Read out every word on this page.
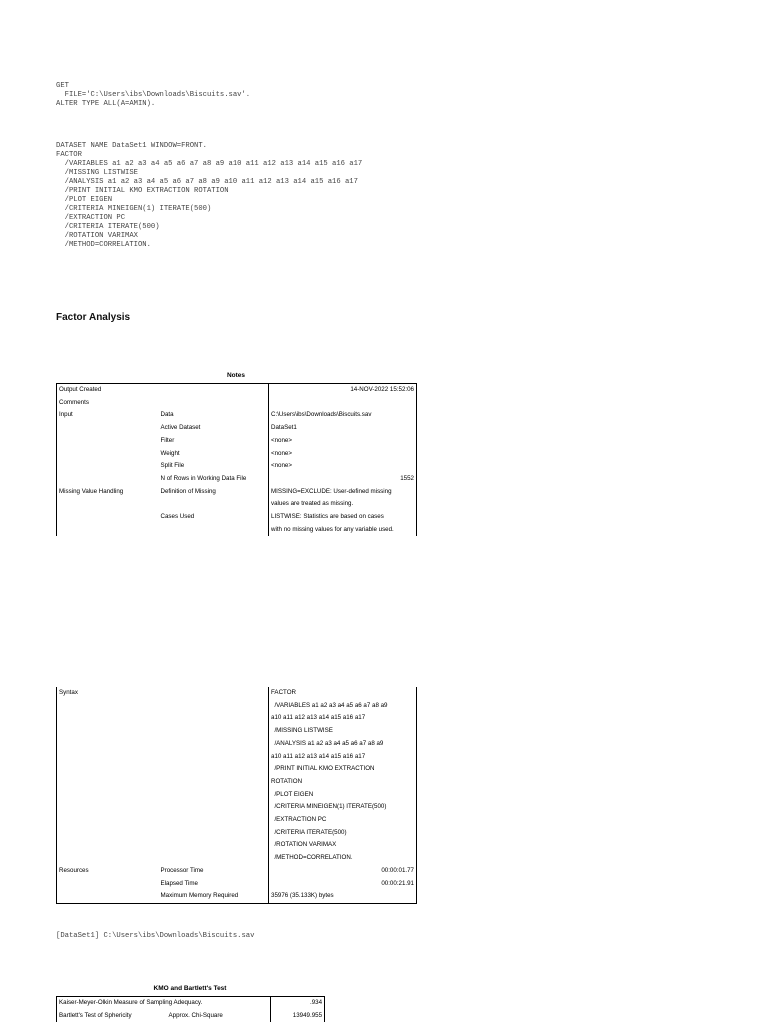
GET
FILE='C:\Users\ibs\Downloads\Biscuits.sav'.
ALTER TYPE ALL(A=AMIN).
DATASET NAME DataSet1 WINDOW=FRONT.
FACTOR
/VARIABLES a1 a2 a3 a4 a5 a6 a7 a8 a9 a10 a11 a12 a13 a14 a15 a16 a17
/MISSING LISTWISE
/ANALYSIS a1 a2 a3 a4 a5 a6 a7 a8 a9 a10 a11 a12 a13 a14 a15 a16 a17
/PRINT INITIAL KMO EXTRACTION ROTATION
/PLOT EIGEN
/CRITERIA MINEIGEN(1) ITERATE(500)
/EXTRACTION PC
/CRITERIA ITERATE(500)
/ROTATION VARIMAX
/METHOD=CORRELATION.
Factor Analysis
Notes
Output Created		14-NOV-2022 15:52:06
Comments		
Input	Data	C:\Users\ibs\Downloads\Biscuits.sav
	Active Dataset	DataSet1
	Filter	<none>
	Weight	<none>
	Split File	<none>
	N of Rows in Working Data File	1552
Missing Value Handling	Definition of Missing	MISSING=EXCLUDE: User-defined missing
		values are treated as missing.
	Cases Used	LISTWISE: Statistics are based on cases
		with no missing values for any variable used.
Syntax		FACTOR
		/VARIABLES a1 a2 a3 a4 a5 a6 a7 a8 a9
		a10 a11 a12 a13 a14 a15 a16 a17
		/MISSING LISTWISE
		/ANALYSIS a1 a2 a3 a4 a5 a6 a7 a8 a9
		a10 a11 a12 a13 a14 a15 a16 a17
		/PRINT INITIAL KMO EXTRACTION
		ROTATION
		/PLOT EIGEN
		/CRITERIA MINEIGEN(1) ITERATE(500)
		/EXTRACTION PC
		/CRITERIA ITERATE(500)
		/ROTATION VARIMAX
		/METHOD=CORRELATION.
Resources	Processor Time	00:00:01.77
	Elapsed Time	00:00:21.91
	Maximum Memory Required	35976 (35.133K) bytes
[DataSet1] C:\Users\ibs\Downloads\Biscuits.sav
KMO and Bartlett's Test
Kaiser-Meyer-Olkin Measure of Sampling Adequacy.		.934
Bartlett's Test of Sphericity	Approx. Chi-Square	13949.955
